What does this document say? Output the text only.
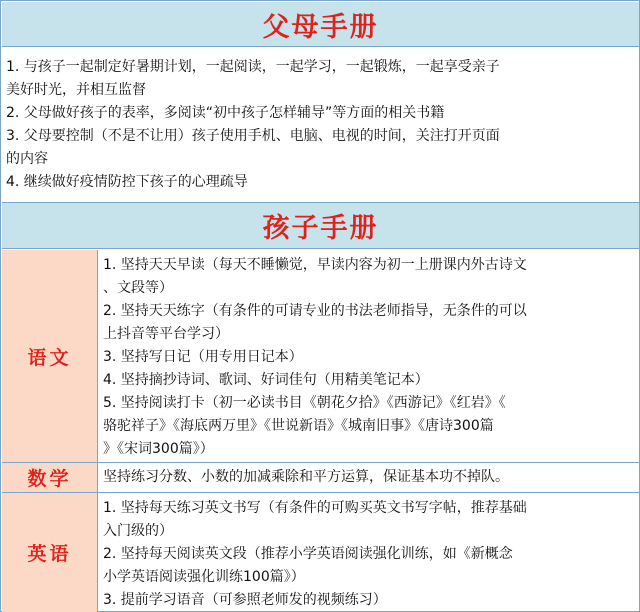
父母手册
1. 与孩子一起制定好暑期计划，一起阅读，一起学习，一起锻炼，一起享受亲子
美好时光，并相互监督
2. 父母做好孩子的表率，多阅读“初中孩子怎样辅导”等方面的相关书籍
3. 父母要控制（不是不让用）孩子使用手机、电脑、电视的时间，关注打开页面
的内容
4. 继续做好疫情防控下孩子的心理疏导
孩子手册
语文
1. 坚持天天早读（每天不睡懒觉，早读内容为初一上册课内外古诗文
、文段等）
2. 坚持天天练字（有条件的可请专业的书法老师指导，无条件的可以
上抖音等平台学习）
3. 坚持写日记（用专用日记本）
4. 坚持摘抄诗词、歌词、好词佳句（用精美笔记本）
5. 坚持阅读打卡（初一必读书目《朝花夕拾》《西游记》《红岩》《
骆驼祥子》《海底两万里》《世说新语》《城南旧事》《唐诗300篇
》《宋词300篇》）
数学 坚持练习分数、小数的加减乘除和平方运算，保证基本功不掉队。
英语
1. 坚持每天练习英文书写（有条件的可购买英文书写字帖，推荐基础
入门级的）
2. 坚持每天阅读英文段（推荐小学英语阅读强化训练，如《新概念
小学英语阅读强化训练100篇》）
3. 提前学习语音（可参照老师发的视频练习）
